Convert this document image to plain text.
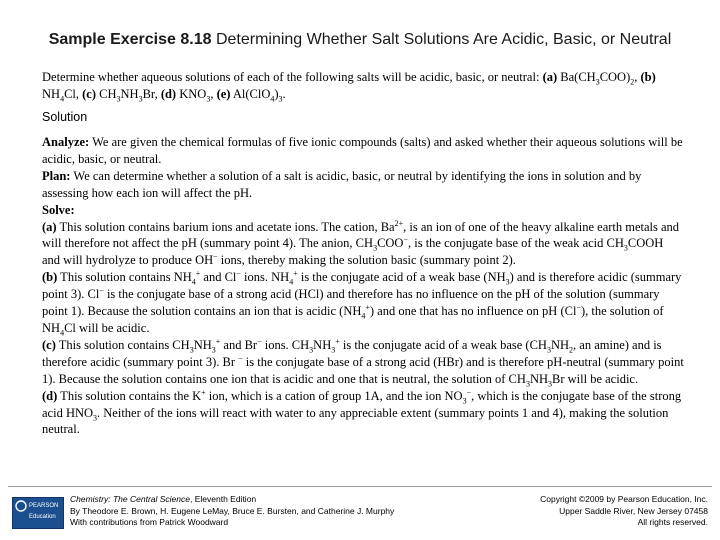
Sample Exercise 8.18 Determining Whether Salt Solutions Are Acidic, Basic, or Neutral
Determine whether aqueous solutions of each of the following salts will be acidic, basic, or neutral: (a) $Ba(CH_3COO)_2$, (b) $NH_4Cl$, (c) $CH_3NH_3Br$, (d) $KNO_3$, (e) $Al(ClO_4)_3$.
Solution

Analyze: We are given the chemical formulas of five ionic compounds (salts) and asked whether their aqueous solutions will be acidic, basic, or neutral.

Plan: We can determine whether a solution of a salt is acidic, basic, or neutral by identifying the ions in solution and by assessing how each ion will affect the pH.

Solve:

(a) This solution contains barium ions and acetate ions. The cation, $Ba^{2+}$, is an ion of one of the heavy alkaline earth metals and will therefore not affect the pH (summary point 4). The anion, $CH_3COO^-$, is the conjugate base of the weak acid $CH_3COOH$ and will hydrolyze to produce OH− ions, thereby making the solution basic (summary point 2).

(b) This solution contains $NH_4^+$ and Cl− ions. $NH_4^+$ is the conjugate acid of a weak base $(NH_3)$ and is therefore acidic (summary point 3). Cl− is the conjugate base of a strong acid (HCl) and therefore has no influence on the pH of the solution (summary point 1). Because the solution contains an ion that is acidic $(NH_4^+)$ and one that has no influence on pH (Cl−), the solution of $NH_4Cl$ will be acidic.

(c) This solution contains $CH_3NH_3^+$ and Br− ions. $CH_3NH_3^+$ is the conjugate acid of a weak base ($CH_3NH_2$, an amine) and is therefore acidic (summary point 3). Br − is the conjugate base of a strong acid (HBr) and is therefore pH-neutral (summary point 1). Because the solution contains one ion that is acidic and one that is neutral, the solution of $CH_3NH_3Br$ will be acidic.

(d) This solution contains the K+ ion, which is a cation of group 1A, and the ion $NO_3^-$, which is the conjugate base of the strong acid $HNO_3$. Neither of the ions will react with water to any appreciable extent (summary points 1 and 4), making the solution neutral.

PEARSON
Education
Chemistry: The Central Science, Eleventh Edition
By Theodore E. Brown, H. Eugene LeMay, Bruce E. Bursten, and Catherine J. Murphy
With contributions from Patrick Woodward
Copyright ©2009 by Pearson Education, Inc.
Upper Saddle River, New Jersey 07458
All rights reserved.
